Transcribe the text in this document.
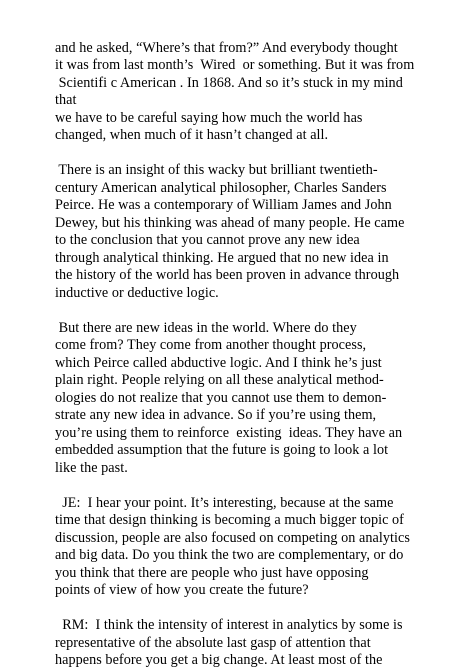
and he asked, “Where’s that from?” And everybody thought
it was from last month’s  Wired  or something. But it was from
Scientifi c American . In 1868. And so it’s stuck in my mind
that
we have to be careful saying how much the world has
changed, when much of it hasn’t changed at all.
There is an insight of this wacky but brilliant twentieth-
century American analytical philosopher, Charles Sanders
Peirce. He was a contemporary of William James and John
Dewey, but his thinking was ahead of many people. He came
to the conclusion that you cannot prove any new idea
through analytical thinking. He argued that no new idea in
the history of the world has been proven in advance through
inductive or deductive logic.
But there are new ideas in the world. Where do they
come from? They come from another thought process,
which Peirce called abductive logic. And I think he’s just
plain right. People relying on all these analytical method-
ologies do not realize that you cannot use them to demon-
strate any new idea in advance. So if you’re using them,
you’re using them to reinforce  existing  ideas. They have an
embedded assumption that the future is going to look a lot
like the past.
JE:  I hear your point. It’s interesting, because at the same
time that design thinking is becoming a much bigger topic of
discussion, people are also focused on competing on analytics
and big data. Do you think the two are complementary, or do
you think that there are people who just have opposing
points of view of how you create the future?
RM:  I think the intensity of interest in analytics by some is
representative of the absolute last gasp of attention that
happens before you get a big change. At least most of the
